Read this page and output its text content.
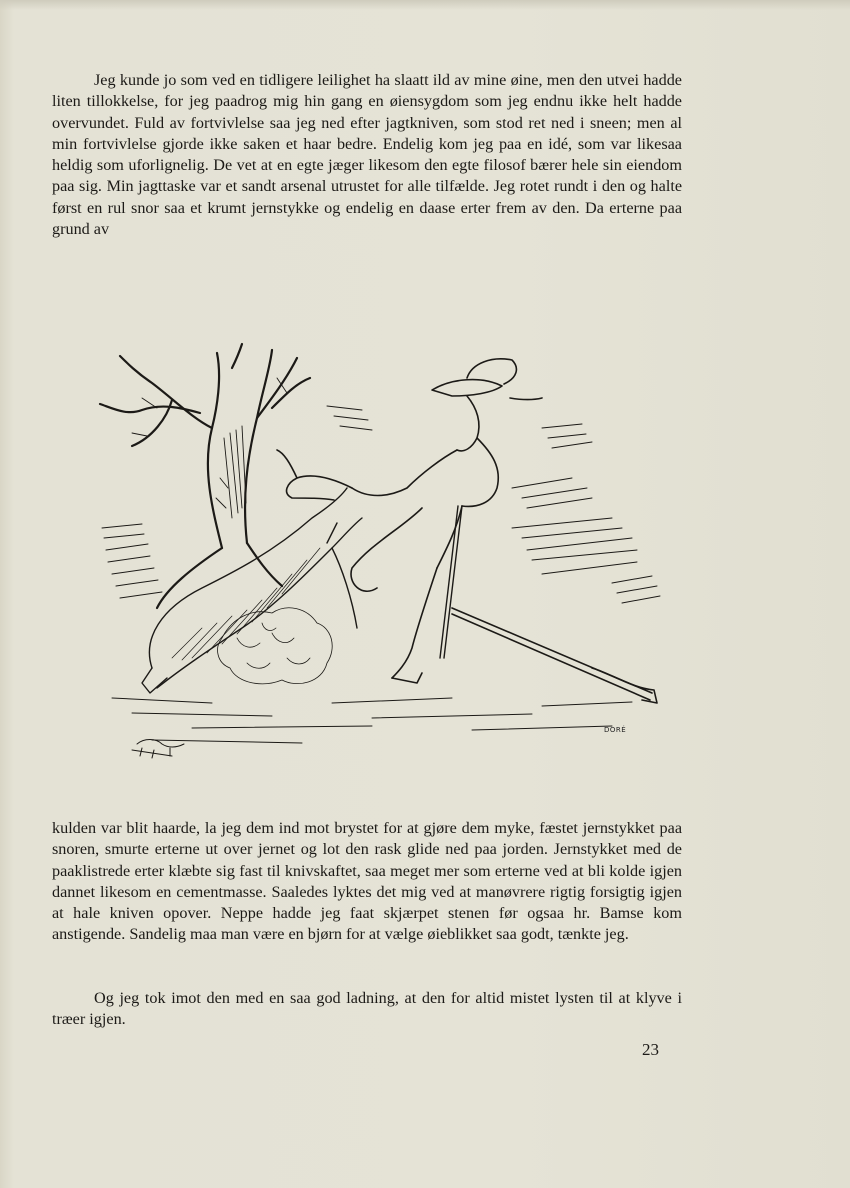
Jeg kunde jo som ved en tidligere leilighet ha slaatt ild av mine øine, men den utvei hadde liten tillokkelse, for jeg paadrog mig hin gang en øiensygdom som jeg endnu ikke helt hadde overvundet. Fuld av fortvivlelse saa jeg ned efter jagtkniven, som stod ret ned i sneen; men al min fortvivlelse gjorde ikke saken et haar bedre. Endelig kom jeg paa en idé, som var likesaa heldig som uforlignelig. De vet at en egte jæger likesom den egte filosof bærer hele sin eiendom paa sig. Min jagttaske var et sandt arsenal utrustet for alle tilfælde. Jeg rotet rundt i den og halte først en rul snor saa et krumt jernstykke og endelig en daase erter frem av den. Da erterne paa grund av

DORÉ

kulden var blit haarde, la jeg dem ind mot brystet for at gjøre dem myke, fæstet jernstykket paa snoren, smurte erterne ut over jernet og lot den rask glide ned paa jorden. Jernstykket med de paaklistrede erter klæbte sig fast til knivskaftet, saa meget mer som erterne ved at bli kolde igjen dannet likesom en cementmasse. Saaledes lyktes det mig ved at manøvrere rigtig forsigtig igjen at hale kniven opover. Neppe hadde jeg faat skjærpet stenen før ogsaa hr. Bamse kom anstigende. Sandelig maa man være en bjørn for at vælge øieblikket saa godt, tænkte jeg.

Og jeg tok imot den med en saa god ladning, at den for altid mistet lysten til at klyve i træer igjen.

23
